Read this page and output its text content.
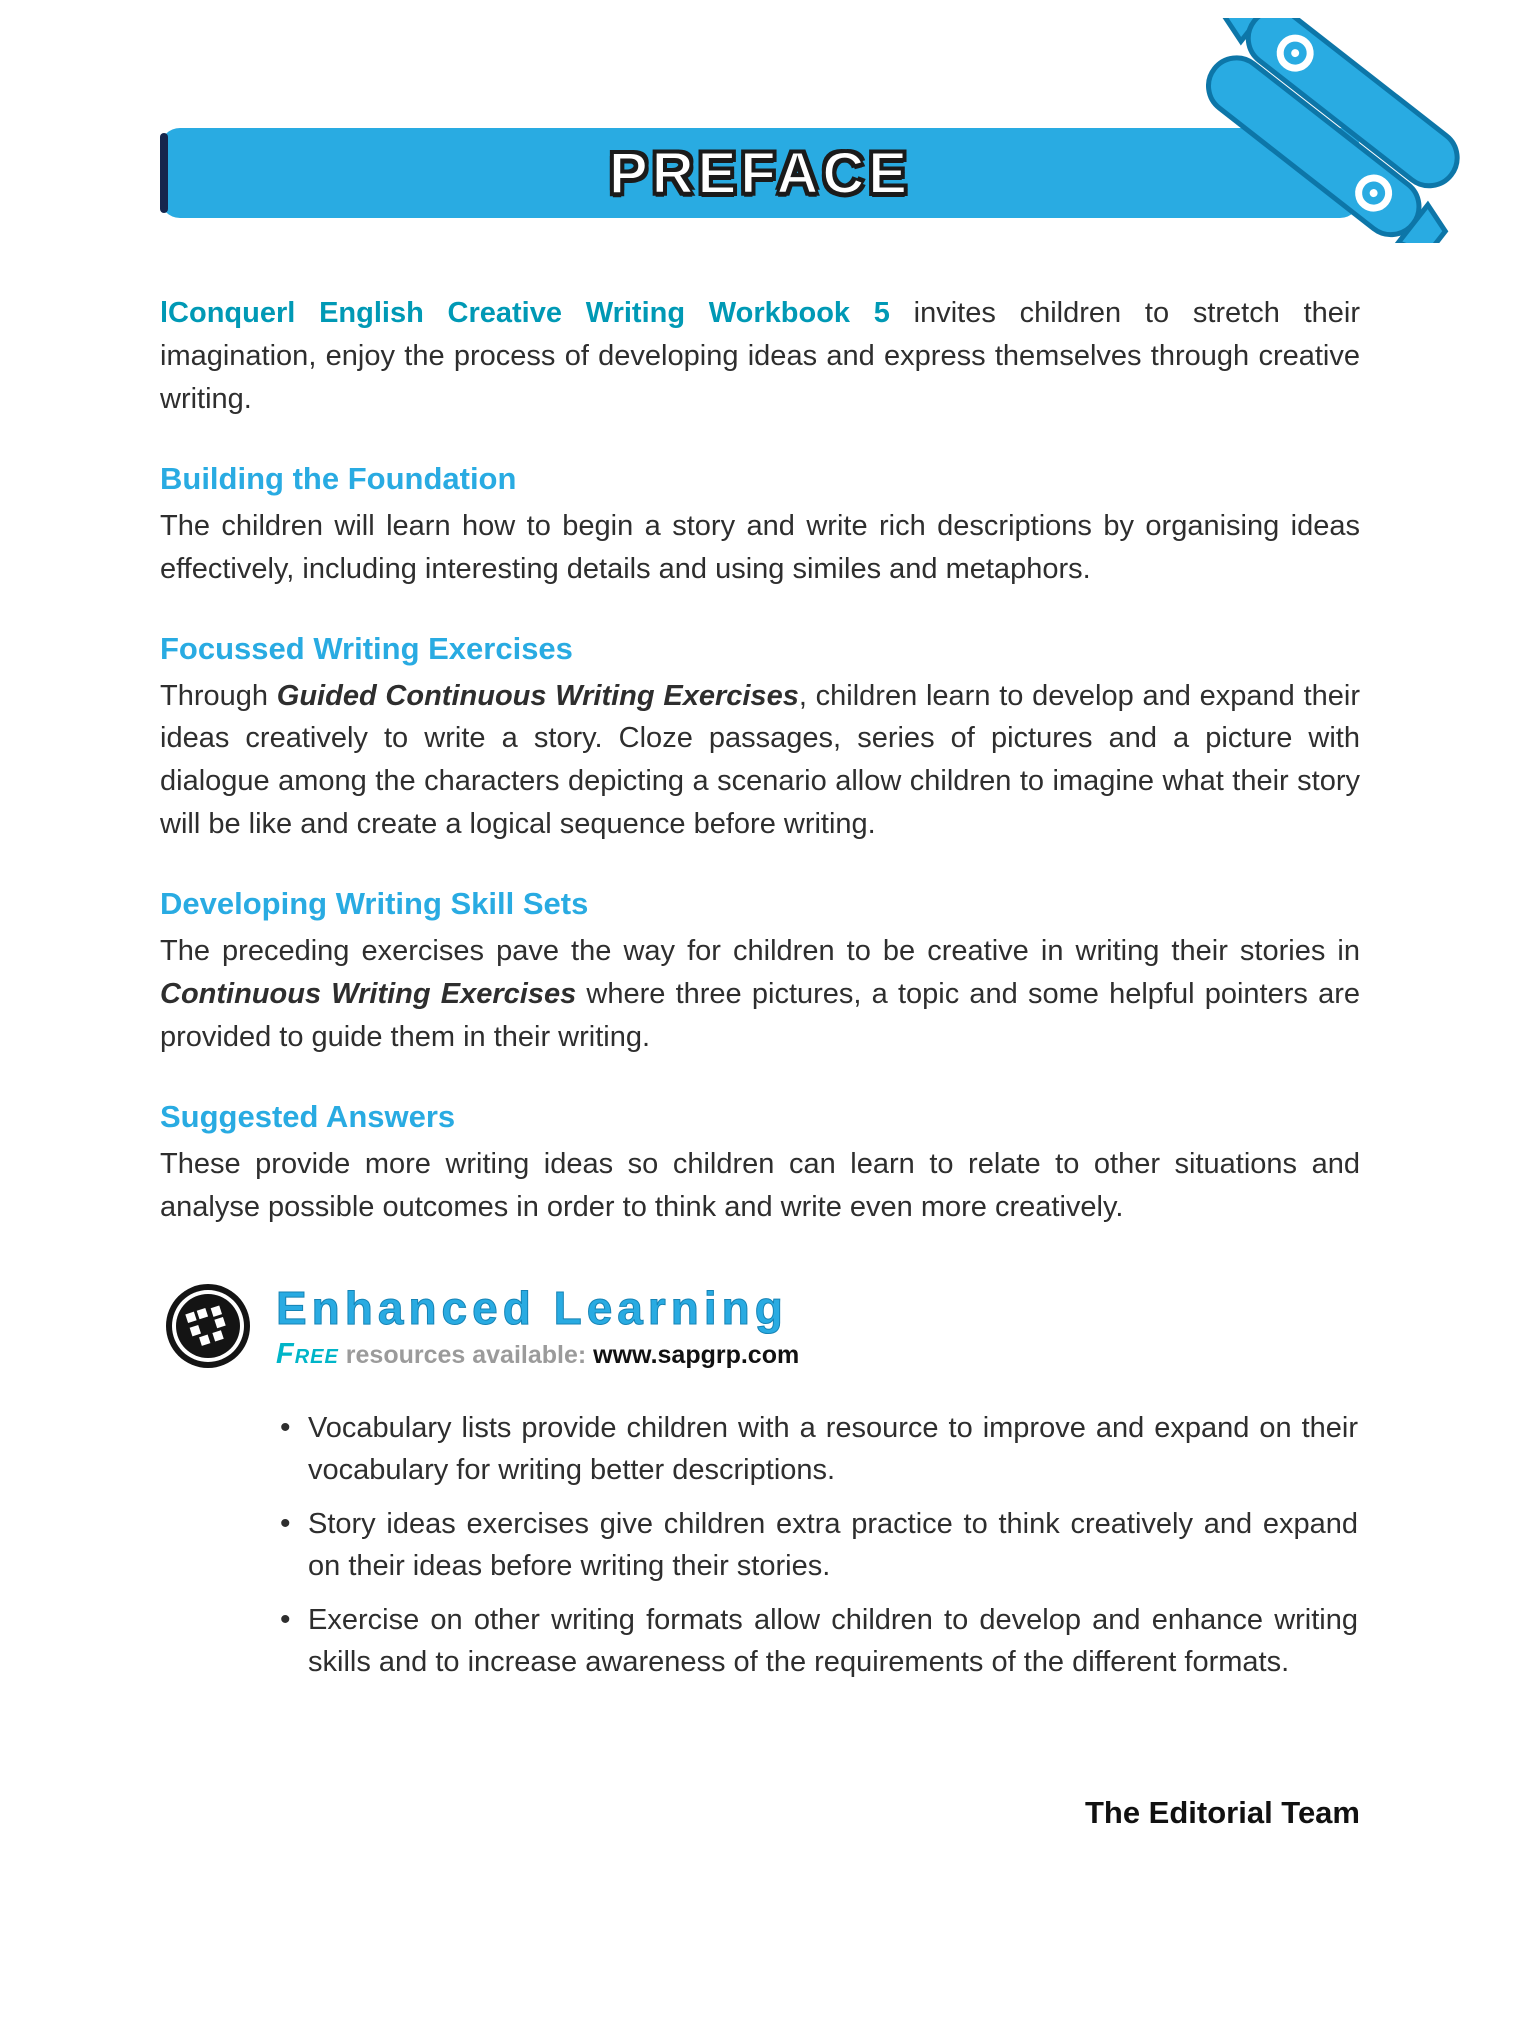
PREFACE

lConquerl English Creative Writing Workbook 5 invites children to stretch their imagination, enjoy the process of developing ideas and express themselves through creative writing.

Building the Foundation

The children will learn how to begin a story and write rich descriptions by organising ideas effectively, including interesting details and using similes and metaphors.

Focussed Writing Exercises

Through Guided Continuous Writing Exercises, children learn to develop and expand their ideas creatively to write a story. Cloze passages, series of pictures and a picture with dialogue among the characters depicting a scenario allow children to imagine what their story will be like and create a logical sequence before writing.

Developing Writing Skill Sets

The preceding exercises pave the way for children to be creative in writing their stories in Continuous Writing Exercises where three pictures, a topic and some helpful pointers are provided to guide them in their writing.

Suggested Answers

These provide more writing ideas so children can learn to relate to other situations and analyse possible outcomes in order to think and write even more creatively.

Enhanced Learning
Free resources available: www.sapgrp.com
• Vocabulary lists provide children with a resource to improve and expand on their vocabulary for writing better descriptions.
• Story ideas exercises give children extra practice to think creatively and expand on their ideas before writing their stories.
• Exercise on other writing formats allow children to develop and enhance writing skills and to increase awareness of the requirements of the different formats.
The Editorial Team
